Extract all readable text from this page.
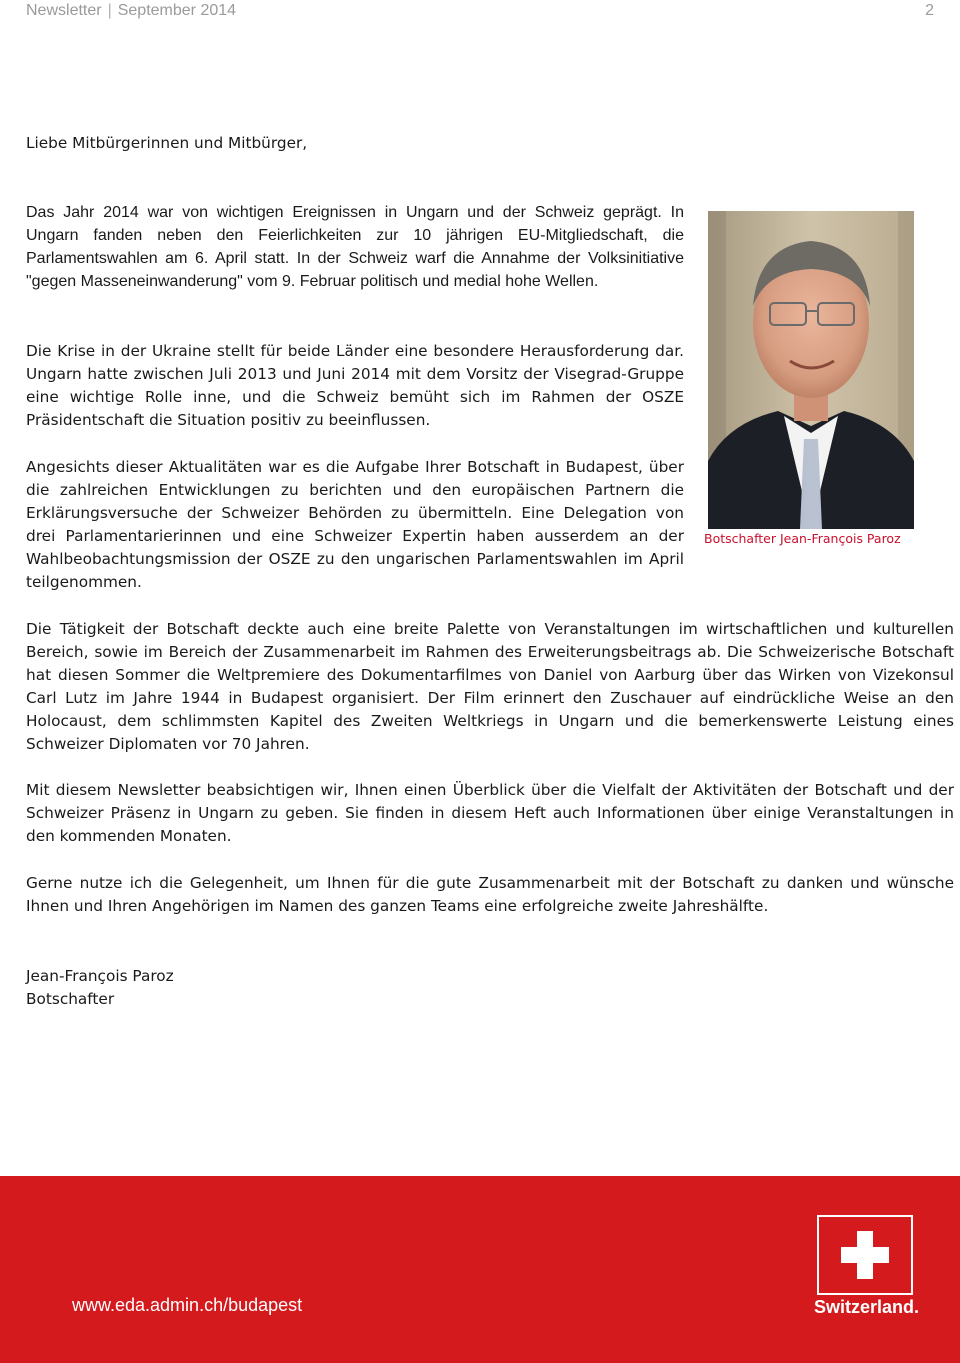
Newsletter | September 2014	2
Liebe Mitbürgerinnen und Mitbürger,

Das Jahr 2014 war von wichtigen Ereignissen in Ungarn und der Schweiz geprägt. In Ungarn fanden neben den Feierlichkeiten zur 10 jährigen EU-Mitgliedschaft, die Parlamentswahlen am 6. April statt. In der Schweiz warf die Annahme der Volksinitiative "gegen Masseneinwanderung" vom 9. Februar politisch und medial hohe Wellen.

Die Krise in der Ukraine stellt für beide Länder eine besondere Herausforderung dar. Ungarn hatte zwischen Juli 2013 und Juni 2014 mit dem Vorsitz der Visegrad-Gruppe eine wichtige Rolle inne, und die Schweiz bemüht sich im Rahmen der OSZE Präsidentschaft die Situation positiv zu beeinflussen.

Angesichts dieser Aktualitäten war es die Aufgabe Ihrer Botschaft in Budapest, über die zahlreichen Entwicklungen zu berichten und den europäischen Partnern die Erklärungsversuche der Schweizer Behörden zu übermitteln. Eine Delegation von drei Parlamentarierinnen und eine Schweizer Expertin haben ausserdem an der Wahlbeobachtungsmission der OSZE zu den ungarischen Parlamentswahlen im April teilgenommen.

Botschafter Jean-François Paroz

Die Tätigkeit der Botschaft deckte auch eine breite Palette von Veranstaltungen im wirtschaftlichen und kulturellen Bereich, sowie im Bereich der Zusammenarbeit im Rahmen des Erweiterungsbeitrags ab. Die Schweizerische Botschaft hat diesen Sommer die Weltpremiere des Dokumentarfilmes von Daniel von Aarburg über das Wirken von Vizekonsul Carl Lutz im Jahre 1944 in Budapest organisiert. Der Film erinnert den Zuschauer auf eindrückliche Weise an den Holocaust, dem schlimmsten Kapitel des Zweiten Weltkriegs in Ungarn und die bemerkenswerte Leistung eines Schweizer Diplomaten vor 70 Jahren.

Mit diesem Newsletter beabsichtigen wir, Ihnen einen Überblick über die Vielfalt der Aktivitäten der Botschaft und der Schweizer Präsenz in Ungarn zu geben. Sie finden in diesem Heft auch Informationen über einige Veranstaltungen in den kommenden Monaten.

Gerne nutze ich die Gelegenheit, um Ihnen für die gute Zusammenarbeit mit der Botschaft zu danken und wünsche Ihnen und Ihren Angehörigen im Namen des ganzen Teams eine erfolgreiche zweite Jahreshälfte.

Jean-François Paroz
Botschafter
www.eda.admin.ch/budapest	Switzerland.
